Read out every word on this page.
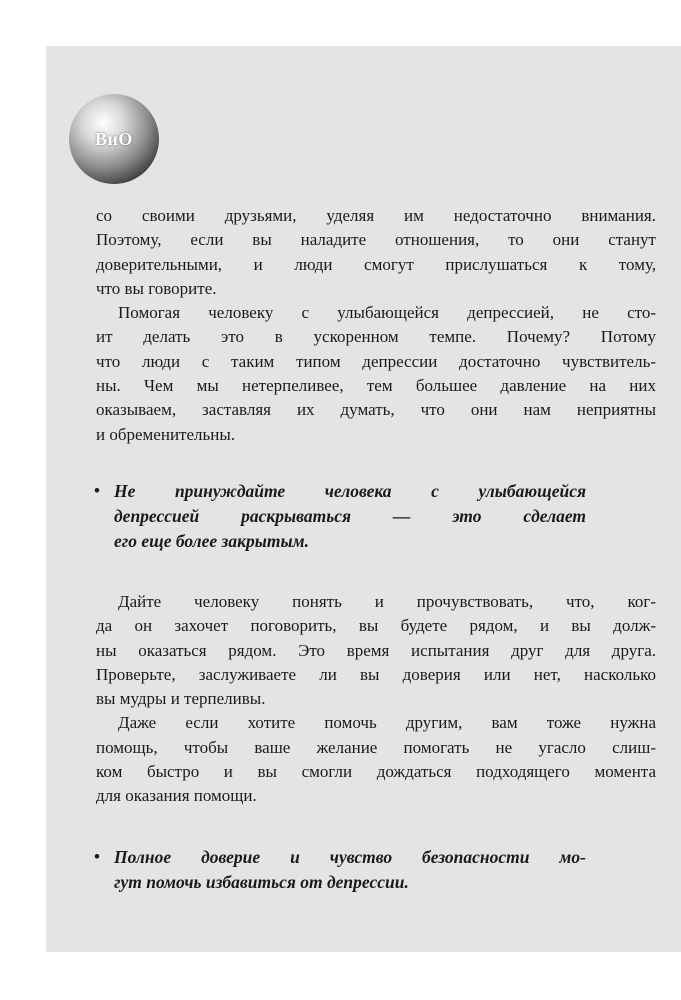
ВиО
со своими друзьями, уделяя им недостаточно внимания.
Поэтому, если вы наладите отношения, то они станут
доверительными, и люди смогут прислушаться к тому,
что вы говорите.
Помогая человеку с улыбающейся депрессией, не сто-
ит делать это в ускоренном темпе. Почему? Потому
что люди с таким типом депрессии достаточно чувствитель-
ны. Чем мы нетерпеливее, тем большее давление на них
оказываем, заставляя их думать, что они нам неприятны
и обременительны.
• Не принуждайте человека с улыбающейся
депрессией раскрываться — это сделает
его еще более закрытым.
Дайте человеку понять и прочувствовать, что, ког-
да он захочет поговорить, вы будете рядом, и вы долж-
ны оказаться рядом. Это время испытания друг для друга.
Проверьте, заслуживаете ли вы доверия или нет, насколько
вы мудры и терпеливы.
Даже если хотите помочь другим, вам тоже нужна
помощь, чтобы ваше желание помогать не угасло слиш-
ком быстро и вы смогли дождаться подходящего момента
для оказания помощи.
• Полное доверие и чувство безопасности мо-
гут помочь избавиться от депрессии.
